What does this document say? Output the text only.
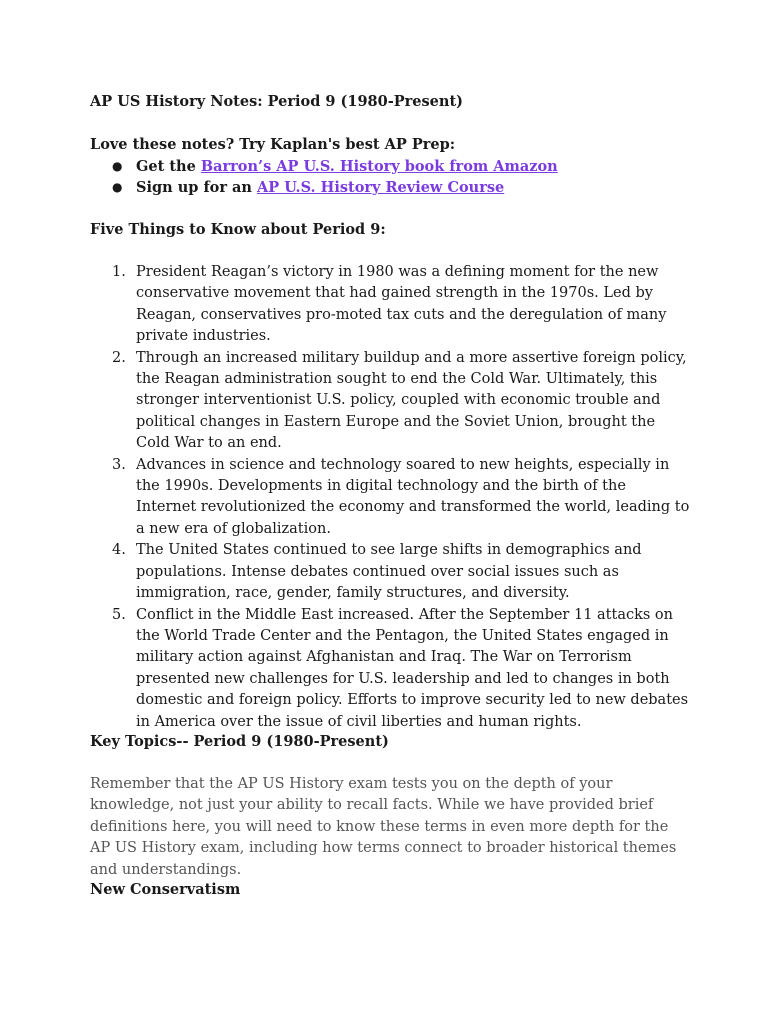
AP US History Notes: Period 9 (1980-Present)
Love these notes? Try Kaplan's best AP Prep:
● Get the Barron’s AP U.S. History book from Amazon
● Sign up for an AP U.S. History Review Course
Five Things to Know about Period 9:
1. President Reagan’s victory in 1980 was a defining moment for the new conservative movement that had gained strength in the 1970s. Led by Reagan, conservatives pro-moted tax cuts and the deregulation of many private industries.
2. Through an increased military buildup and a more assertive foreign policy, the Reagan administration sought to end the Cold War. Ultimately, this stronger interventionist U.S. policy, coupled with economic trouble and political changes in Eastern Europe and the Soviet Union, brought the Cold War to an end.
3. Advances in science and technology soared to new heights, especially in the 1990s. Developments in digital technology and the birth of the Internet revolutionized the economy and transformed the world, leading to a new era of globalization.
4. The United States continued to see large shifts in demographics and populations. Intense debates continued over social issues such as immigration, race, gender, family structures, and diversity.
5. Conflict in the Middle East increased. After the September 11 attacks on the World Trade Center and the Pentagon, the United States engaged in military action against Afghanistan and Iraq. The War on Terrorism presented new challenges for U.S. leadership and led to changes in both domestic and foreign policy. Efforts to improve security led to new debates in America over the issue of civil liberties and human rights.
Key Topics-- Period 9 (1980-Present)

Remember that the AP US History exam tests you on the depth of your knowledge, not just your ability to recall facts. While we have provided brief definitions here, you will need to know these terms in even more depth for the AP US History exam, including how terms connect to broader historical themes and understandings.

New Conservatism
